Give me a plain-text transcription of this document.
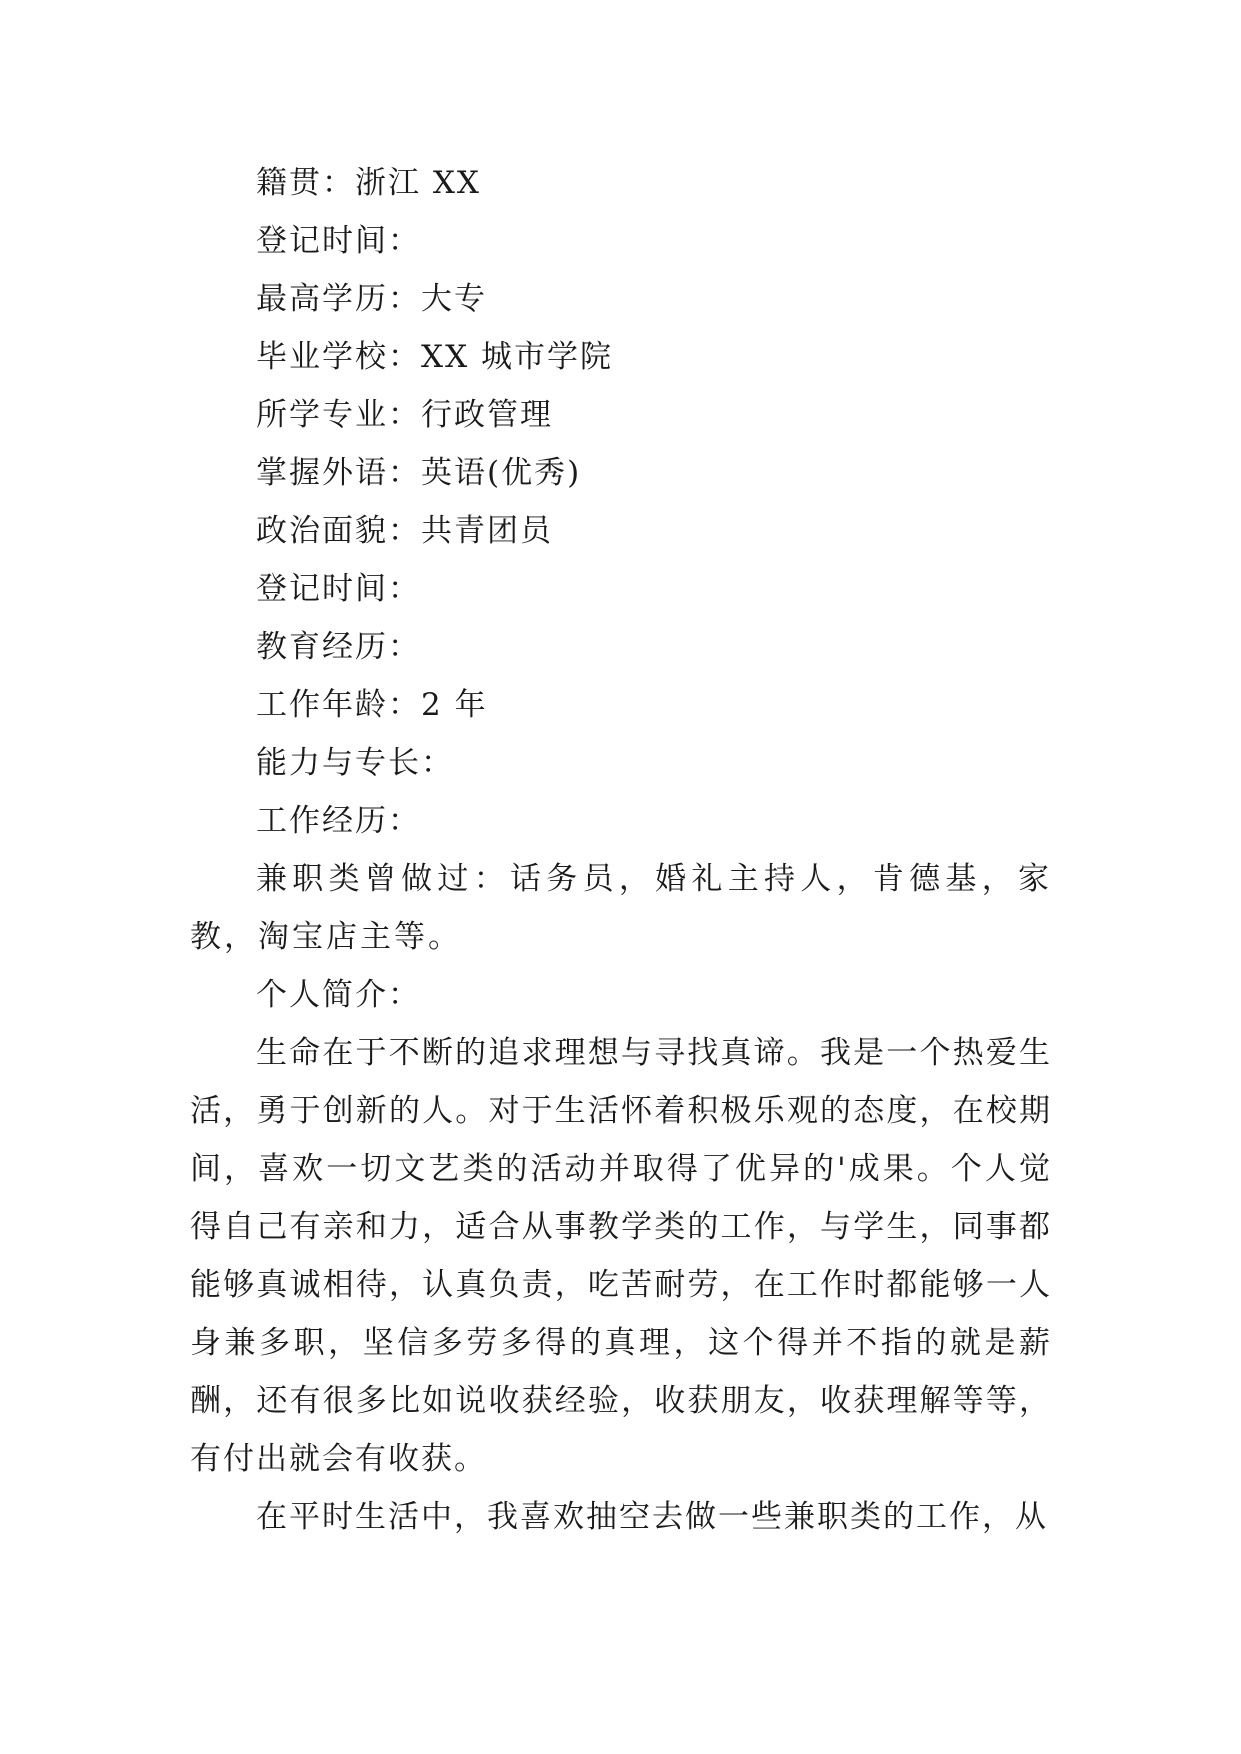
籍贯：浙江 XX

登记时间：

最高学历：大专

毕业学校：XX 城市学院

所学专业：行政管理

掌握外语：英语(优秀)

政治面貌：共青团员

登记时间：

教育经历：

工作年龄：2 年

能力与专长：

工作经历：

兼职类曾做过：话务员，婚礼主持人，肯德基，家教，淘宝店主等。

个人简介：

生命在于不断的追求理想与寻找真谛。我是一个热爱生活，勇于创新的人。对于生活怀着积极乐观的态度，在校期间，喜欢一切文艺类的活动并取得了优异的'成果。个人觉得自己有亲和力，适合从事教学类的工作，与学生，同事都能够真诚相待，认真负责，吃苦耐劳，在工作时都能够一人身兼多职，坚信多劳多得的真理，这个得并不指的就是薪酬，还有很多比如说收获经验，收获朋友，收获理解等等，有付出就会有收获。

在平时生活中，我喜欢抽空去做一些兼职类的工作，从
